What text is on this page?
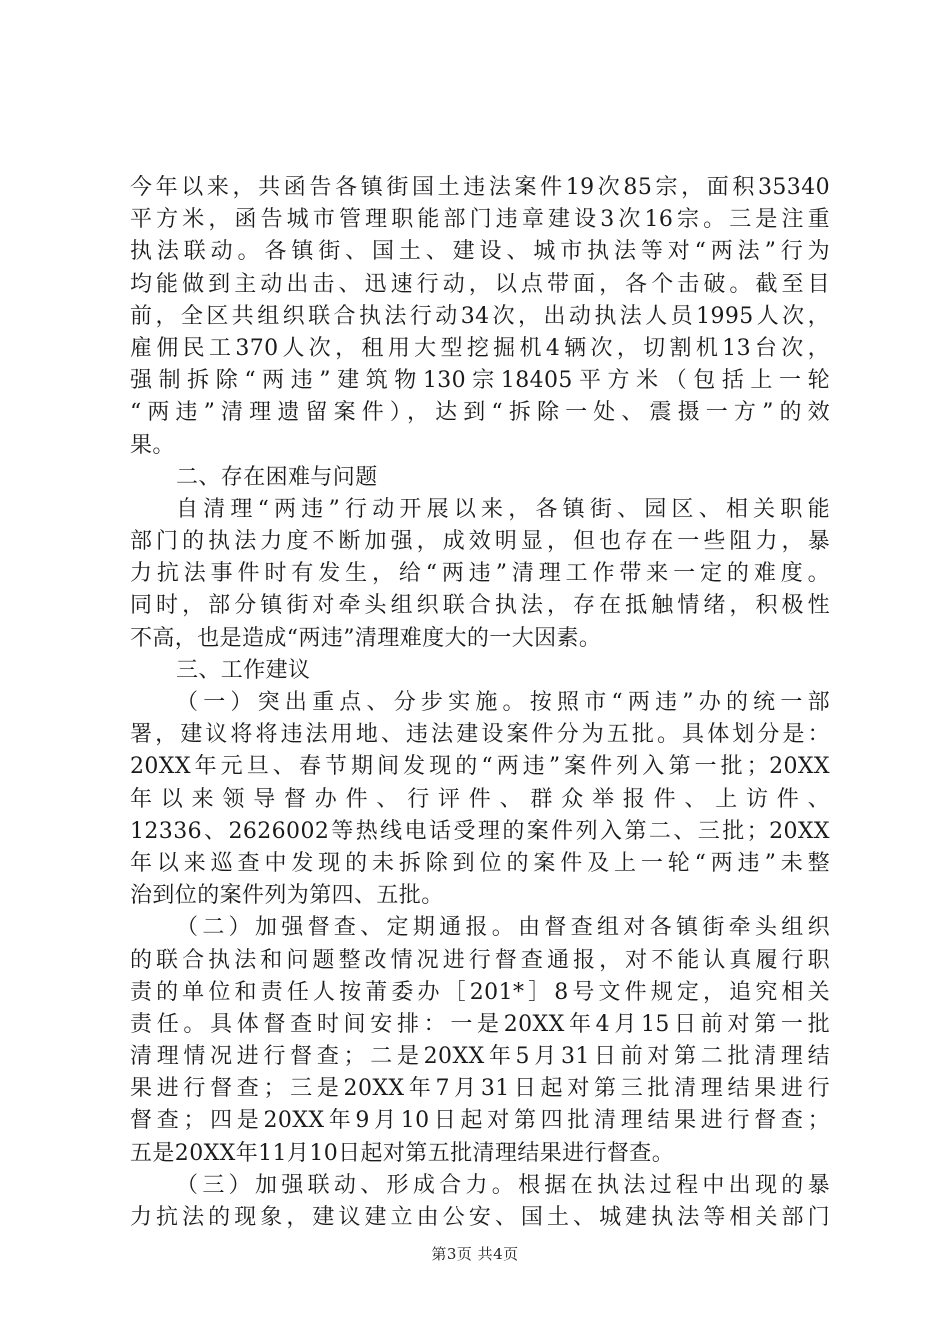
今年以来，共函告各镇街国土违法案件19次85宗，面积35340
平方米，函告城市管理职能部门违章建设3次16宗。三是注重
执法联动。各镇街、国土、建设、城市执法等对“两法”行为
均能做到主动出击、迅速行动，以点带面，各个击破。截至目
前，全区共组织联合执法行动34次，出动执法人员1995人次，
雇佣民工370人次，租用大型挖掘机4辆次，切割机13台次，
强制拆除“两违”建筑物130宗18405平方米（包括上一轮
“两违”清理遗留案件），达到“拆除一处、震摄一方”的效
果。
二、存在困难与问题
自清理“两违”行动开展以来，各镇街、园区、相关职能
部门的执法力度不断加强，成效明显，但也存在一些阻力，暴
力抗法事件时有发生，给“两违”清理工作带来一定的难度。
同时，部分镇街对牵头组织联合执法，存在抵触情绪，积极性
不高，也是造成“两违”清理难度大的一大因素。
三、工作建议
（一）突出重点、分步实施。按照市“两违”办的统一部
署，建议将将违法用地、违法建设案件分为五批。具体划分是：
20XX年元旦、春节期间发现的“两违”案件列入第一批；20XX
年以来领导督办件、行评件、群众举报件、上访件、
12336、2626002等热线电话受理的案件列入第二、三批；20XX
年以来巡查中发现的未拆除到位的案件及上一轮“两违”未整
治到位的案件列为第四、五批。
（二）加强督查、定期通报。由督查组对各镇街牵头组织
的联合执法和问题整改情况进行督查通报，对不能认真履行职
责的单位和责任人按莆委办［201*］8号文件规定，追究相关
责任。具体督查时间安排：一是20XX年4月15日前对第一批
清理情况进行督查；二是20XX年5月31日前对第二批清理结
果进行督查；三是20XX年7月31日起对第三批清理结果进行
督查；四是20XX年9月10日起对第四批清理结果进行督查；
五是20XX年11月10日起对第五批清理结果进行督查。
（三）加强联动、形成合力。根据在执法过程中出现的暴
力抗法的现象，建议建立由公安、国土、城建执法等相关部门
第3页 共4页
